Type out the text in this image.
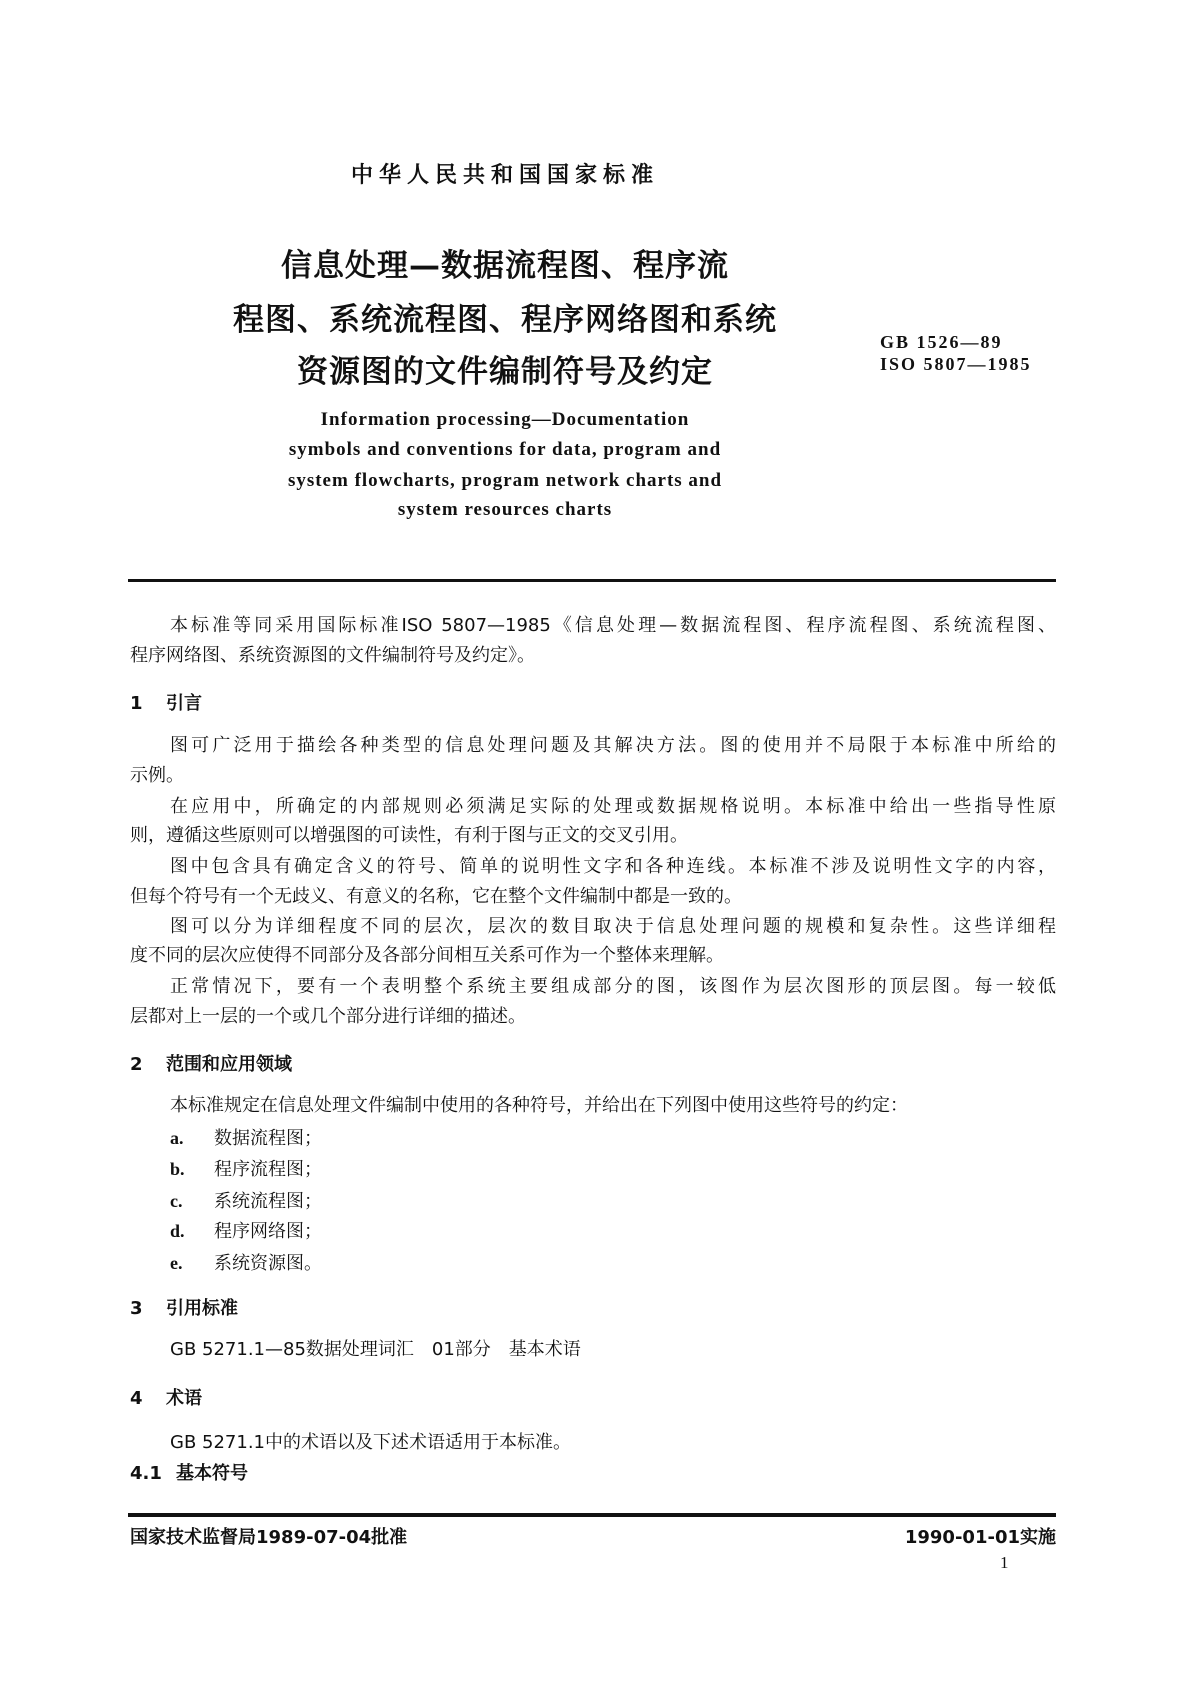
中华人民共和国国家标准
信息处理—数据流程图、程序流
程图、系统流程图、程序网络图和系统
资源图的文件编制符号及约定
GB 1526—89
ISO 5807—1985
Information processing—Documentation
symbols and conventions for data, program and
system flowcharts, program network charts and
system resources charts
本标准等同采用国际标准ISO 5807—1985《信息处理—数据流程图、程序流程图、系统流程图、
程序网络图、系统资源图的文件编制符号及约定》。
1 引言
图可广泛用于描绘各种类型的信息处理问题及其解决方法。图的使用并不局限于本标准中所给的
示例。
在应用中，所确定的内部规则必须满足实际的处理或数据规格说明。本标准中给出一些指导性原
则，遵循这些原则可以增强图的可读性，有利于图与正文的交叉引用。
图中包含具有确定含义的符号、简单的说明性文字和各种连线。本标准不涉及说明性文字的内容，
但每个符号有一个无歧义、有意义的名称，它在整个文件编制中都是一致的。
图可以分为详细程度不同的层次，层次的数目取决于信息处理问题的规模和复杂性。这些详细程
度不同的层次应使得不同部分及各部分间相互关系可作为一个整体来理解。
正常情况下，要有一个表明整个系统主要组成部分的图，该图作为层次图形的顶层图。每一较低
层都对上一层的一个或几个部分进行详细的描述。
2 范围和应用领域
本标准规定在信息处理文件编制中使用的各种符号，并给出在下列图中使用这些符号的约定：
a. 数据流程图；
b. 程序流程图；
c. 系统流程图；
d. 程序网络图；
e. 系统资源图。
3 引用标准
GB 5271.1—85数据处理词汇　01部分　基本术语
4 术语
GB 5271.1中的术语以及下述术语适用于本标准。
4.1 基本符号
国家技术监督局1989-07-04批准	1990-01-01实施
1
